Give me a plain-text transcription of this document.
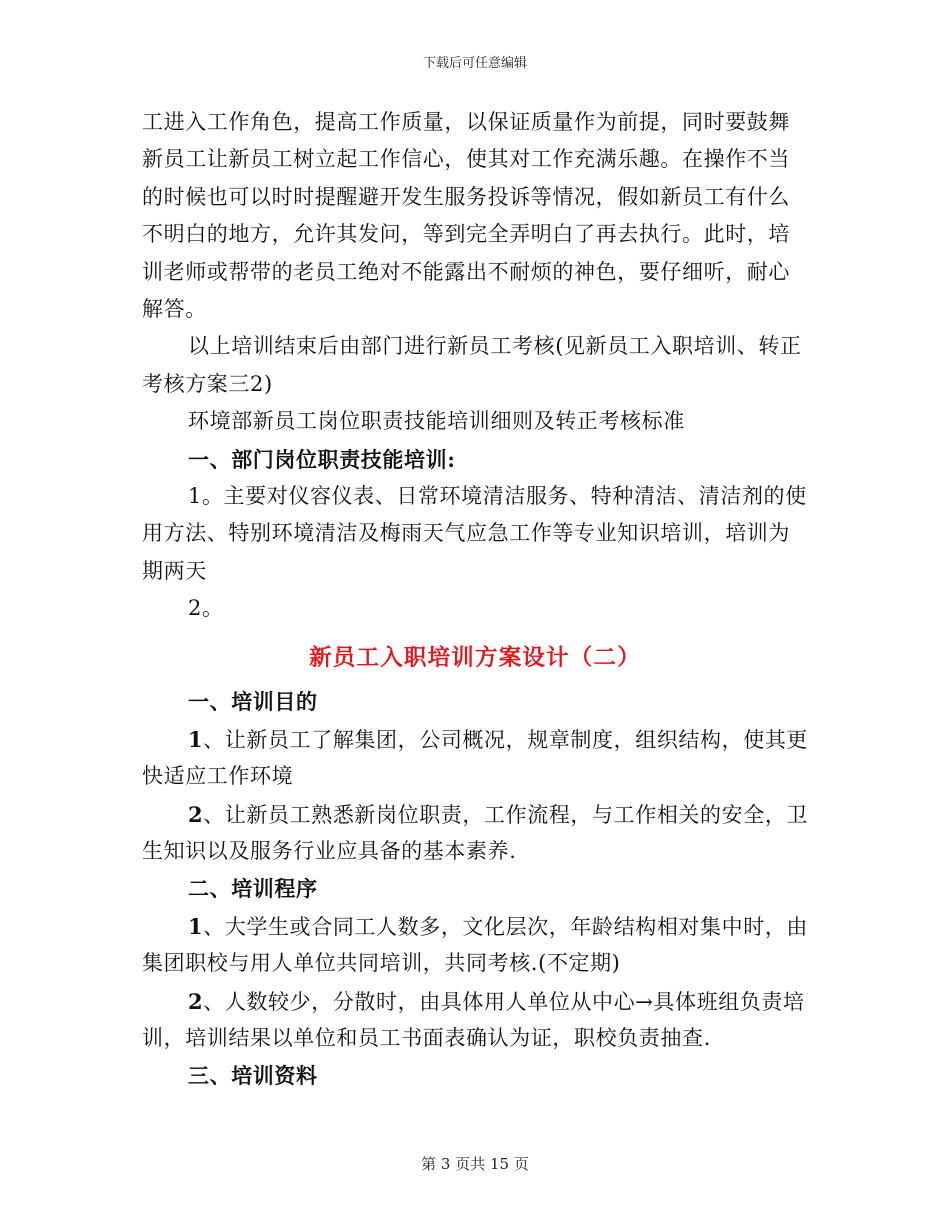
下载后可任意编辑
工进入工作角色，提高工作质量，以保证质量作为前提，同时要鼓舞
新员工让新员工树立起工作信心，使其对工作充满乐趣。在操作不当
的时候也可以时时提醒避开发生服务投诉等情况，假如新员工有什么
不明白的地方，允许其发问，等到完全弄明白了再去执行。此时，培
训老师或帮带的老员工绝对不能露出不耐烦的神色，要仔细听，耐心
解答。
以上培训结束后由部门进行新员工考核(见新员工入职培训、转正
考核方案三2)
环境部新员工岗位职责技能培训细则及转正考核标准
一、部门岗位职责技能培训:
1。主要对仪容仪表、日常环境清洁服务、特种清洁、清洁剂的使
用方法、特别环境清洁及梅雨天气应急工作等专业知识培训，培训为
期两天
2。
新员工入职培训方案设计（二）
一、培训目的
1、让新员工了解集团，公司概况，规章制度，组织结构，使其更
快适应工作环境
2、让新员工熟悉新岗位职责，工作流程，与工作相关的安全，卫
生知识以及服务行业应具备的基本素养.
二、培训程序
1、大学生或合同工人数多，文化层次，年龄结构相对集中时，由
集团职校与用人单位共同培训，共同考核.(不定期)
2、人数较少，分散时，由具体用人单位从中心→具体班组负责培
训，培训结果以单位和员工书面表确认为证，职校负责抽查.
三、培训资料
第 3 页共 15 页
